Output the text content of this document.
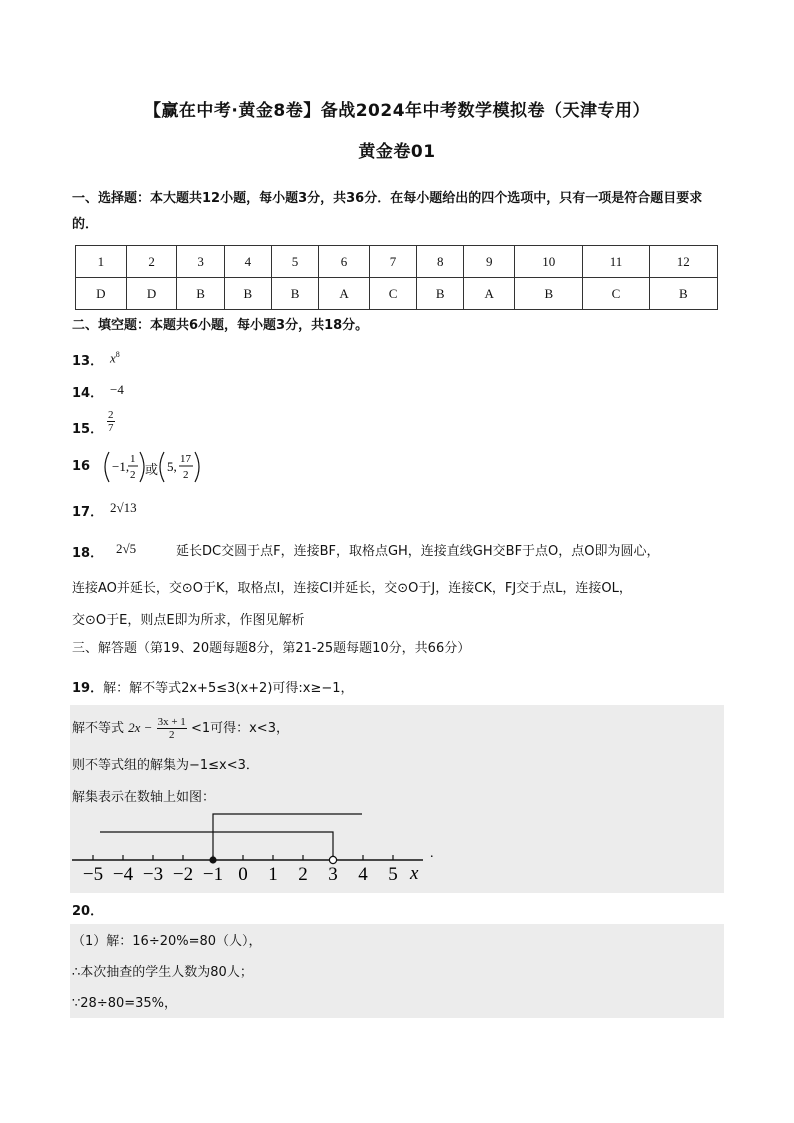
【赢在中考·黄金8卷】备战2024年中考数学模拟卷（天津专用）
黄金卷01
一、选择题：本大题共12小题，每小题3分，共36分．在每小题给出的四个选项中，只有一项是符合题目要求的．
1	2	3	4	5	6	7	8	9	10	11	12
D	D	B	B	B	A	C	B	A	B	C	B
二、填空题：本题共6小题，每小题3分，共18分。
13． $x^8$
14． −4
15． $\frac{2}{7}$
16 −1, 1
2
5, 17
2
或
17． 2√13
18． 2√5	延长DC交圆于点F，连接BF，取格点GH，连接直线GH交BF于点O，点O即为圆心，
连接AO并延长，交⊙O于K，取格点I，连接CI并延长，交⊙O于J，连接CK，FJ交于点L，连接OL，
交⊙O于E，则点E即为所求，作图见解析
三、解答题（第19、20题每题8分，第21-25题每题10分，共66分）
19．解：解不等式2x+5≤3(x+2)可得:x≥−1，
解不等式 $2x - \frac{3x + 1}{2} <1$可得：x<3，
则不等式组的解集为−1≤x<3．
解集表示在数轴上如图：
.
−5 −4 −3 −2 −1 0 1 2 3 4 5 x
20．
（1）解：16÷20%=80（人），
∴本次抽查的学生人数为80人；
∵28÷80=35%，
